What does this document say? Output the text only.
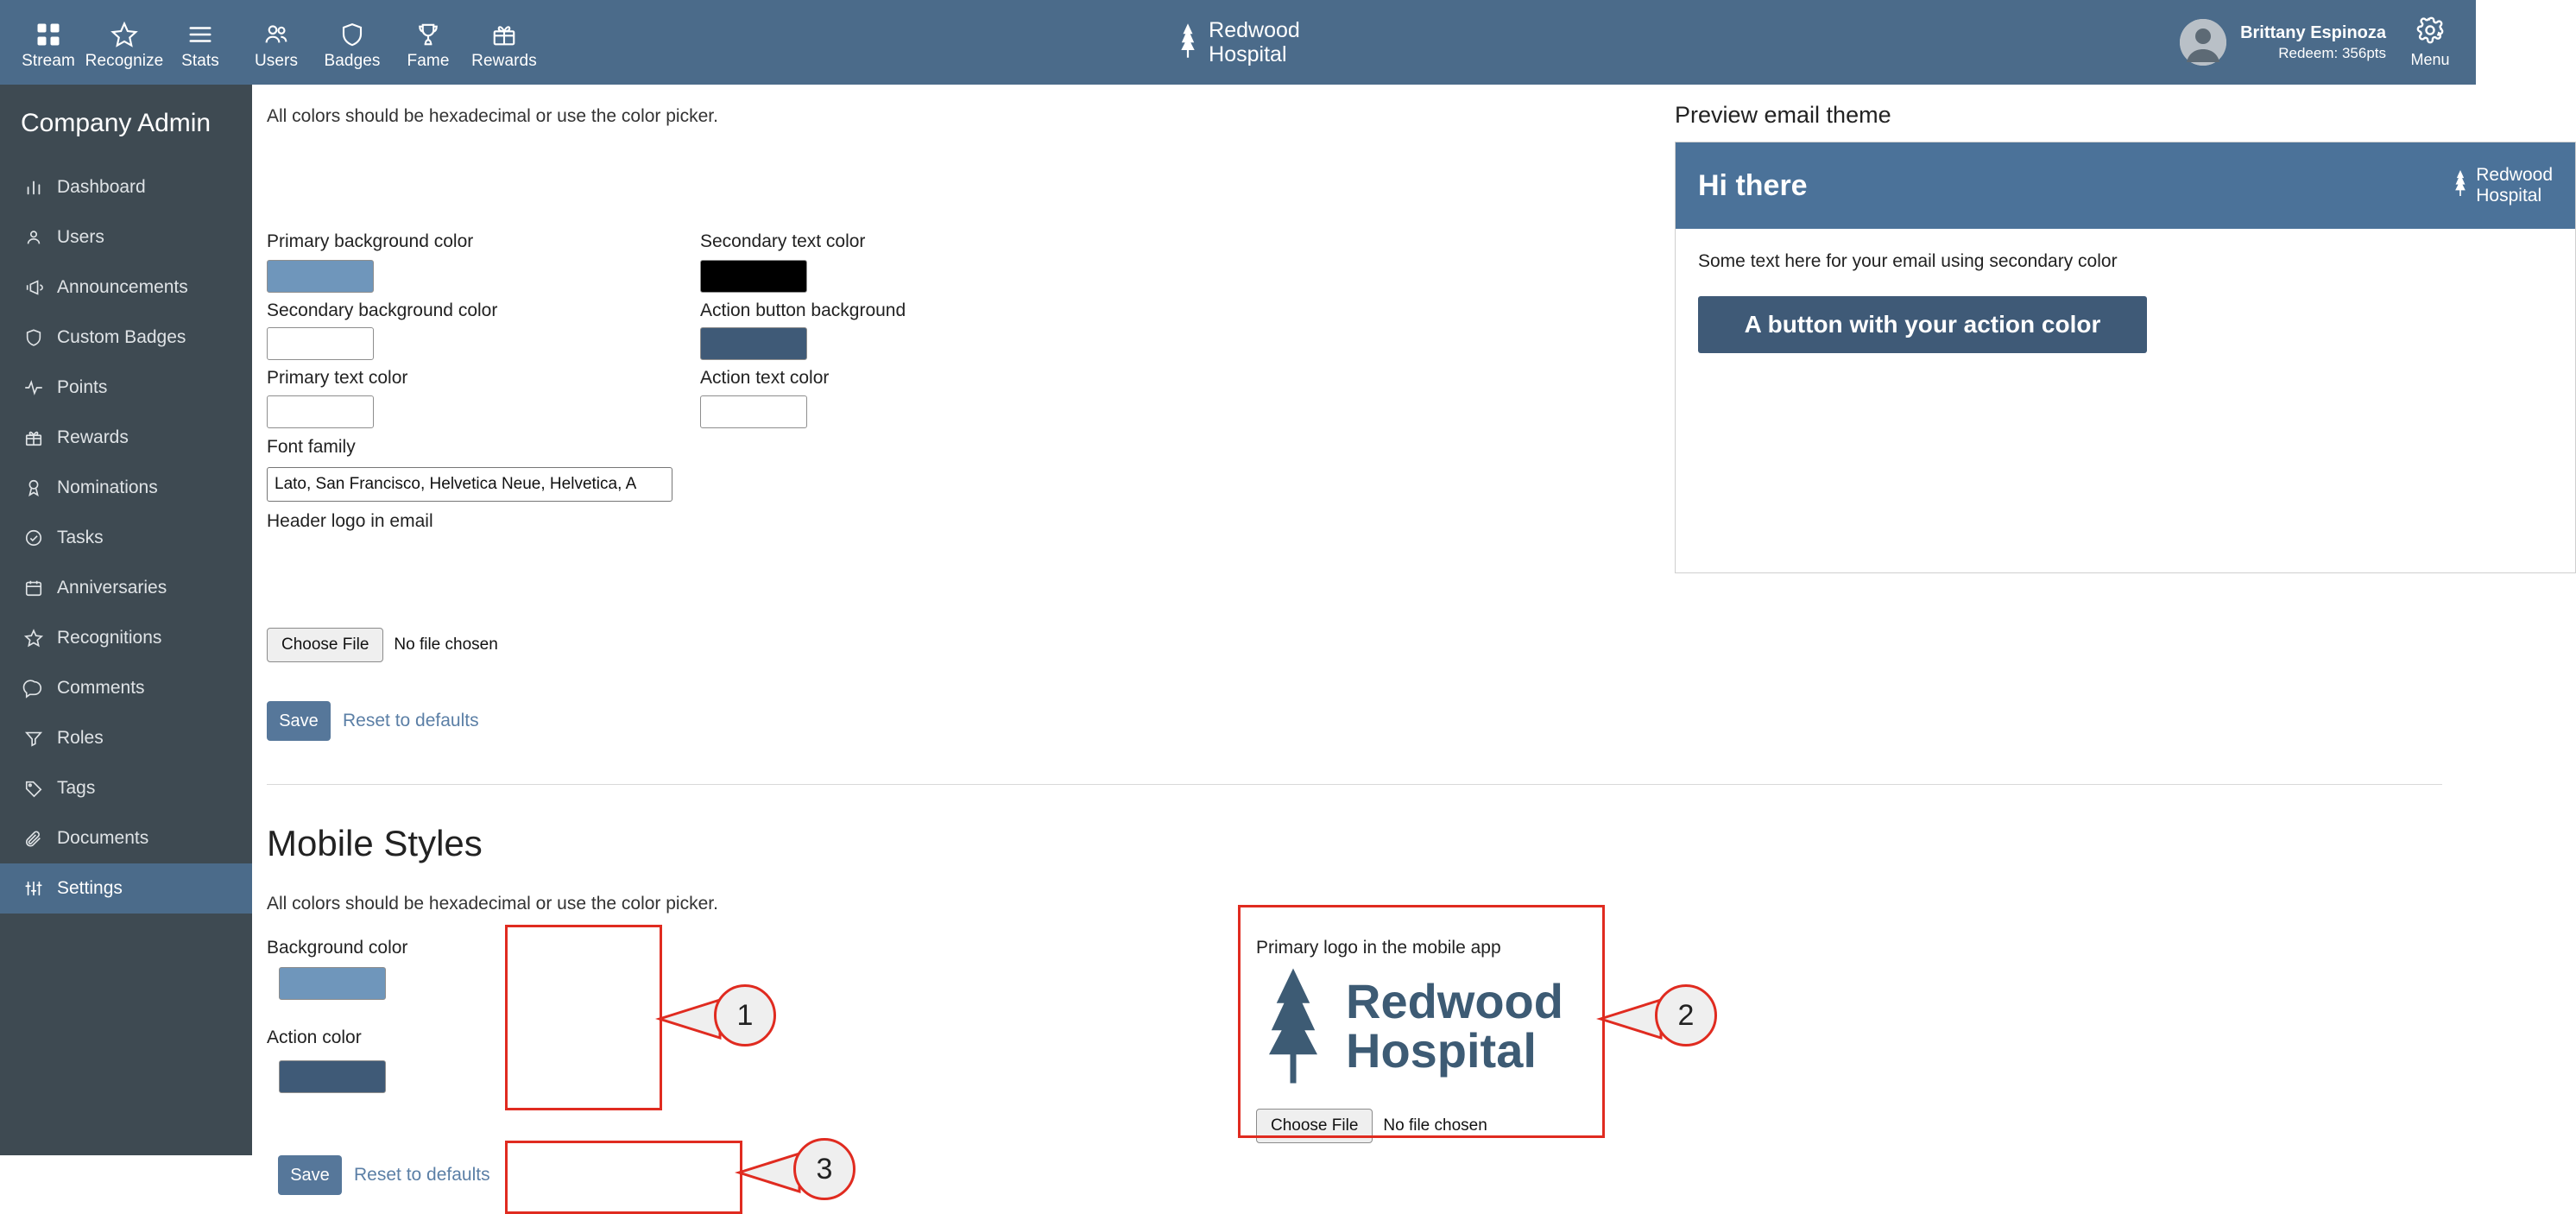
Stream Recognize Stats Users Badges Fame Rewards
Redwood
Hospital
Brittany Espinoza
Redeem: 356pts Menu
Company Admin
Dashboard
Users
Announcements
Custom Badges
Points
Rewards
Nominations
Tasks
Anniversaries
Recognitions
Comments
Roles
Tags
Documents
Settings
All colors should be hexadecimal or use the color picker.
Primary background color
Secondary background color
Primary text color
Secondary text color
Action button background
Action text color
Font family
Lato, San Francisco, Helvetica Neue, Helvetica, A
Header logo in email
Choose File	No file chosen
Save	Reset to defaults
Preview email theme
Hi there	Redwood
Hospital
Some text here for your email using secondary color
A button with your action color
Mobile Styles
All colors should be hexadecimal or use the color picker.
Background color
Action color
Save	Reset to defaults
Primary logo in the mobile app
Redwood
Hospital
Choose File	No file chosen
1	2
3
